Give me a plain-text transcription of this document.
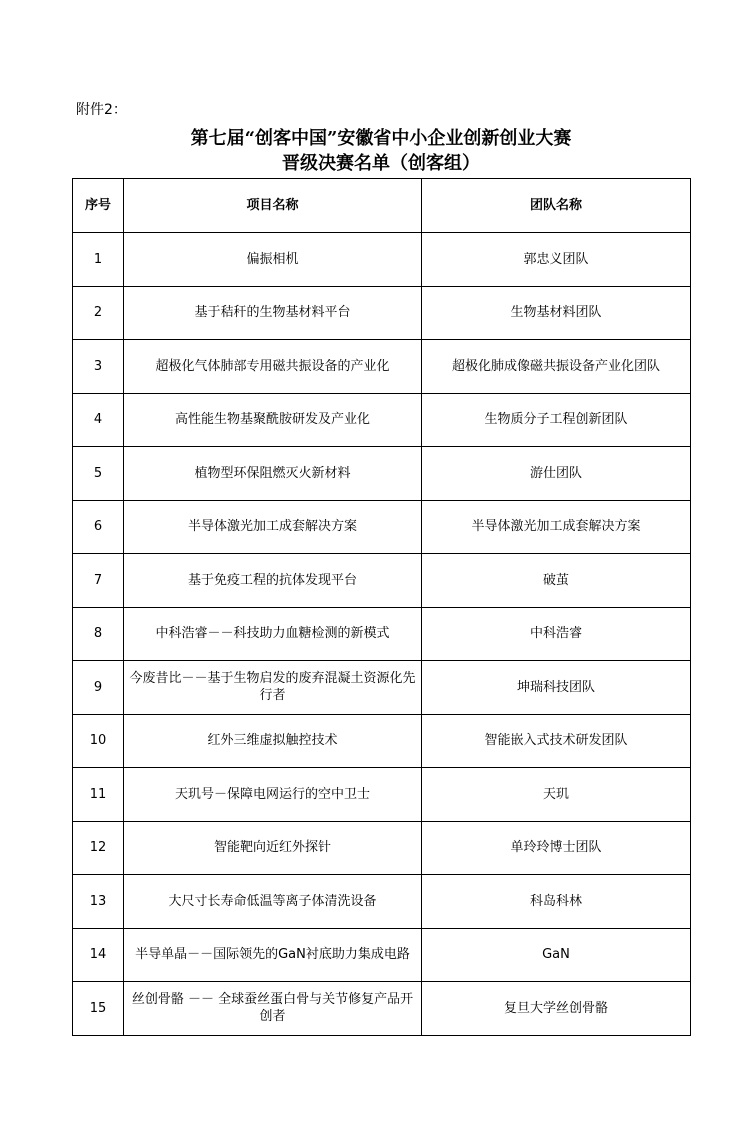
附件2：
第七届“创客中国”安徽省中小企业创新创业大赛
晋级决赛名单（创客组）
序号	项目名称	团队名称
1	偏振相机	郭忠义团队
2	基于秸秆的生物基材料平台	生物基材料团队
3	超极化气体肺部专用磁共振设备的产业化	超极化肺成像磁共振设备产业化团队
4	高性能生物基聚酰胺研发及产业化	生物质分子工程创新团队
5	植物型环保阻燃灭火新材料	游仕团队
6	半导体激光加工成套解决方案	半导体激光加工成套解决方案
7	基于免疫工程的抗体发现平台	破茧
8	中科浩睿－－科技助力血糖检测的新模式	中科浩睿
9	今废昔比－－基于生物启发的废弃混凝土资源化先行者	坤瑞科技团队
10	红外三维虚拟触控技术	智能嵌入式技术研发团队
11	天玑号－保障电网运行的空中卫士	天玑
12	智能靶向近红外探针	单玲玲博士团队
13	大尺寸长寿命低温等离子体清洗设备	科岛科林
14	半导单晶－－国际领先的GaN衬底助力集成电路	GaN
15	丝创骨骼 －－ 全球蚕丝蛋白骨与关节修复产品开创者	复旦大学丝创骨骼
